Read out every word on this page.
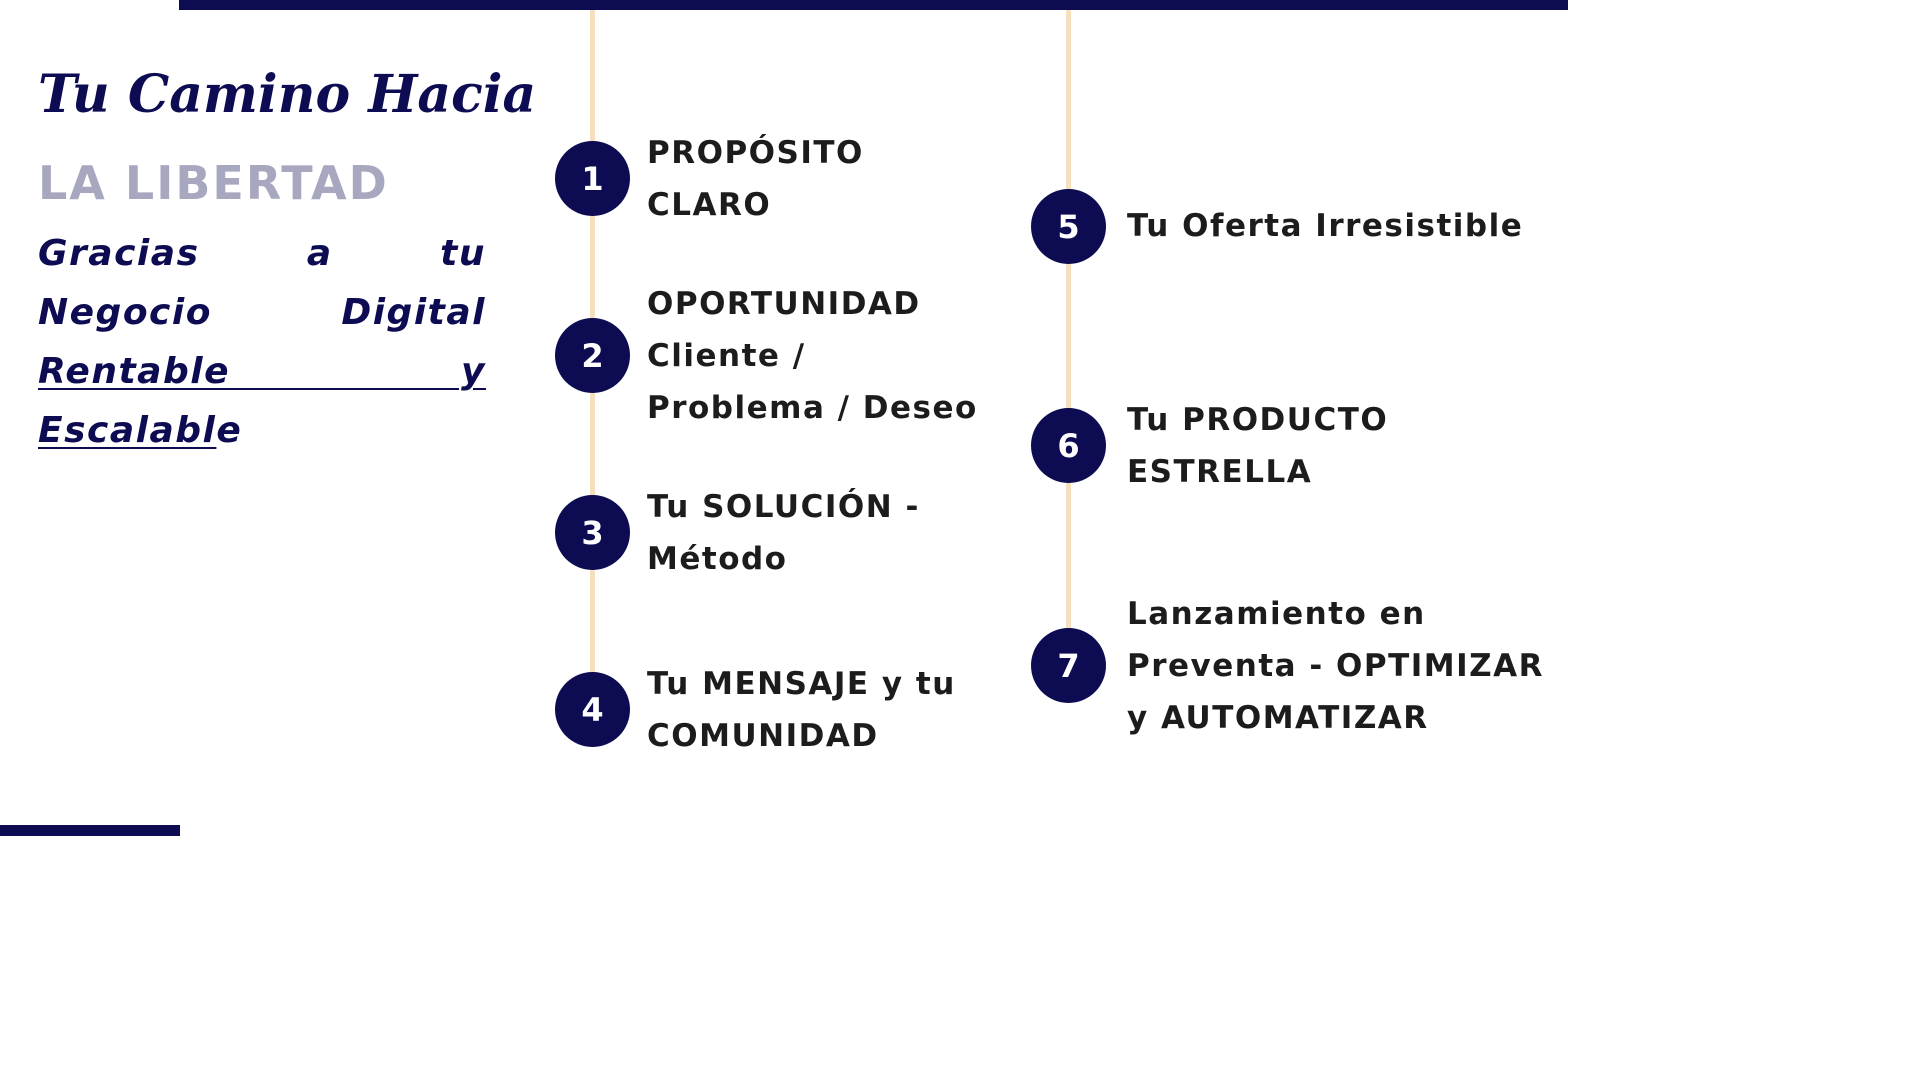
Tu Camino Hacia
LA LIBERTAD

Gracias a tu Negocio Digital Rentable y Escalable

1

PROPÓSITO
CLARO

2

OPORTUNIDAD
Cliente /
Problema / Deseo

3

Tu SOLUCIÓN -
Método

4

Tu MENSAJE y tu
COMUNIDAD

5	Tu Oferta Irresistible

6

Tu PRODUCTO
ESTRELLA

7

Lanzamiento en
Preventa - OPTIMIZAR
y AUTOMATIZAR
